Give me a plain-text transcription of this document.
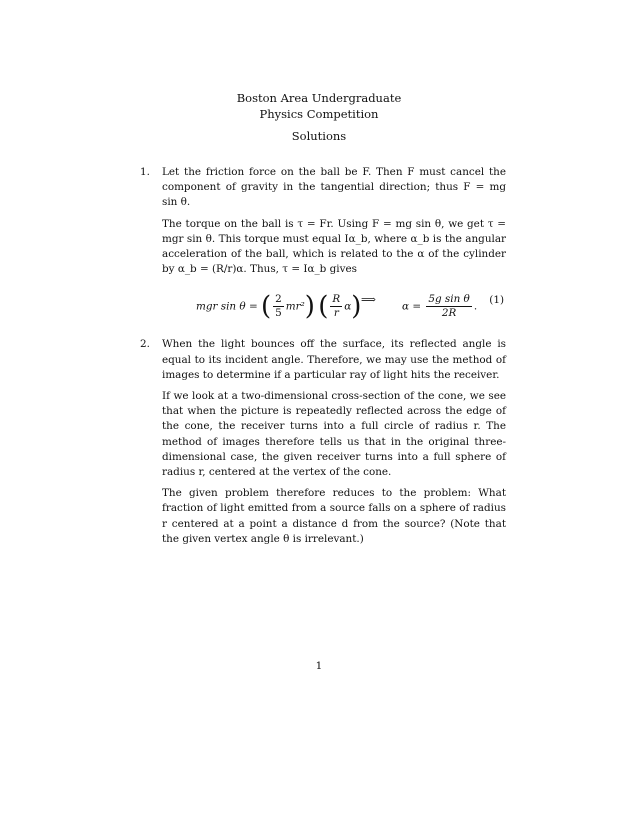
Boston Area Undergraduate
Physics Competition
Solutions
1. Let the friction force on the ball be F. Then F must cancel the component of gravity in the tangential direction; thus F = mg sin θ.

The torque on the ball is τ = Fr. Using F = mg sin θ, we get τ = mgr sin θ. This torque must equal Iα_b, where α_b is the angular acceleration of the ball, which is related to the α of the cylinder by α_b = (R/r)α. Thus, τ = Iα_b gives

mgr sin θ = ( $\frac{2}{5} mr^2$) ( $\frac{R}{r} \alpha$) ⟹
$\alpha = \frac{\text{5g sin θ}}{2R}$ .
(1)
2. When the light bounces off the surface, its reflected angle is equal to its incident angle. Therefore, we may use the method of images to determine if a particular ray of light hits the receiver.

If we look at a two-dimensional cross-section of the cone, we see that when the picture is repeatedly reflected across the edge of the cone, the receiver turns into a full circle of radius r. The method of images therefore tells us that in the original three-dimensional case, the given receiver turns into a full sphere of radius r, centered at the vertex of the cone.

The given problem therefore reduces to the problem: What fraction of light emitted from a source falls on a sphere of radius r centered at a point a distance d from the source? (Note that the given vertex angle θ is irrelevant.)

1
